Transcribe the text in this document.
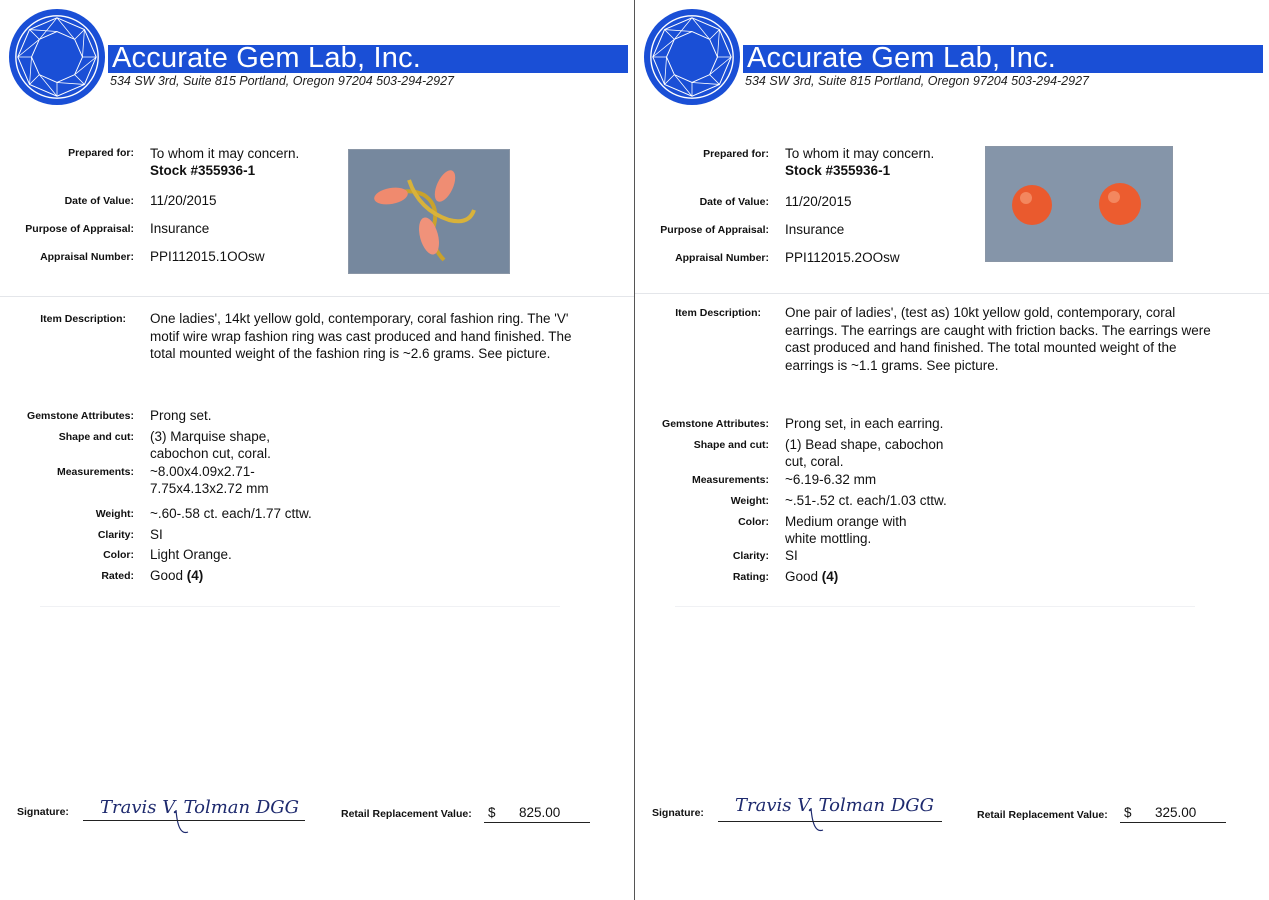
Accurate Gem Lab, Inc.
534 SW 3rd, Suite 815 Portland, Oregon 97204 503-294-2927
Prepared for: To whom it may concern.
Stock #355936-1
Date of Value: 11/20/2015
Purpose of Appraisal: Insurance
Appraisal Number: PPI112015.1OOsw
Item Description: One ladies', 14kt yellow gold, contemporary, coral fashion ring. The 'V'
motif wire wrap fashion ring was cast produced and hand finished. The
total mounted weight of the fashion ring is ~2.6 grams. See picture.
Gemstone Attributes: Prong set.
Shape and cut: (3) Marquise shape,
cabochon cut, coral.
Measurements: ~8.00x4.09x2.71-
7.75x4.13x2.72 mm
Weight: ~.60-.58 ct. each/1.77 cttw.
Clarity: SI
Color: Light Orange.
Rated: Good (4)
Signature: Travis V. Tolman DGG	Retail Replacement Value: $ 825.00
Accurate Gem Lab, Inc.
534 SW 3rd, Suite 815 Portland, Oregon 97204 503-294-2927
Prepared for: To whom it may concern.
Stock #355936-1
Date of Value: 11/20/2015
Purpose of Appraisal: Insurance
Appraisal Number: PPI112015.2OOsw
Item Description: One pair of ladies', (test as) 10kt yellow gold, contemporary, coral
earrings. The earrings are caught with friction backs. The earrings were
cast produced and hand finished. The total mounted weight of the
earrings is ~1.1 grams. See picture.
Gemstone Attributes: Prong set, in each earring.
Shape and cut: (1) Bead shape, cabochon
cut, coral.
Measurements: ~6.19-6.32 mm
Weight: ~.51-.52 ct. each/1.03 cttw.
Color: Medium orange with
white mottling.
Clarity: SI
Rating: Good (4)
Signature: Travis V. Tolman DGG	Retail Replacement Value: $ 325.00
